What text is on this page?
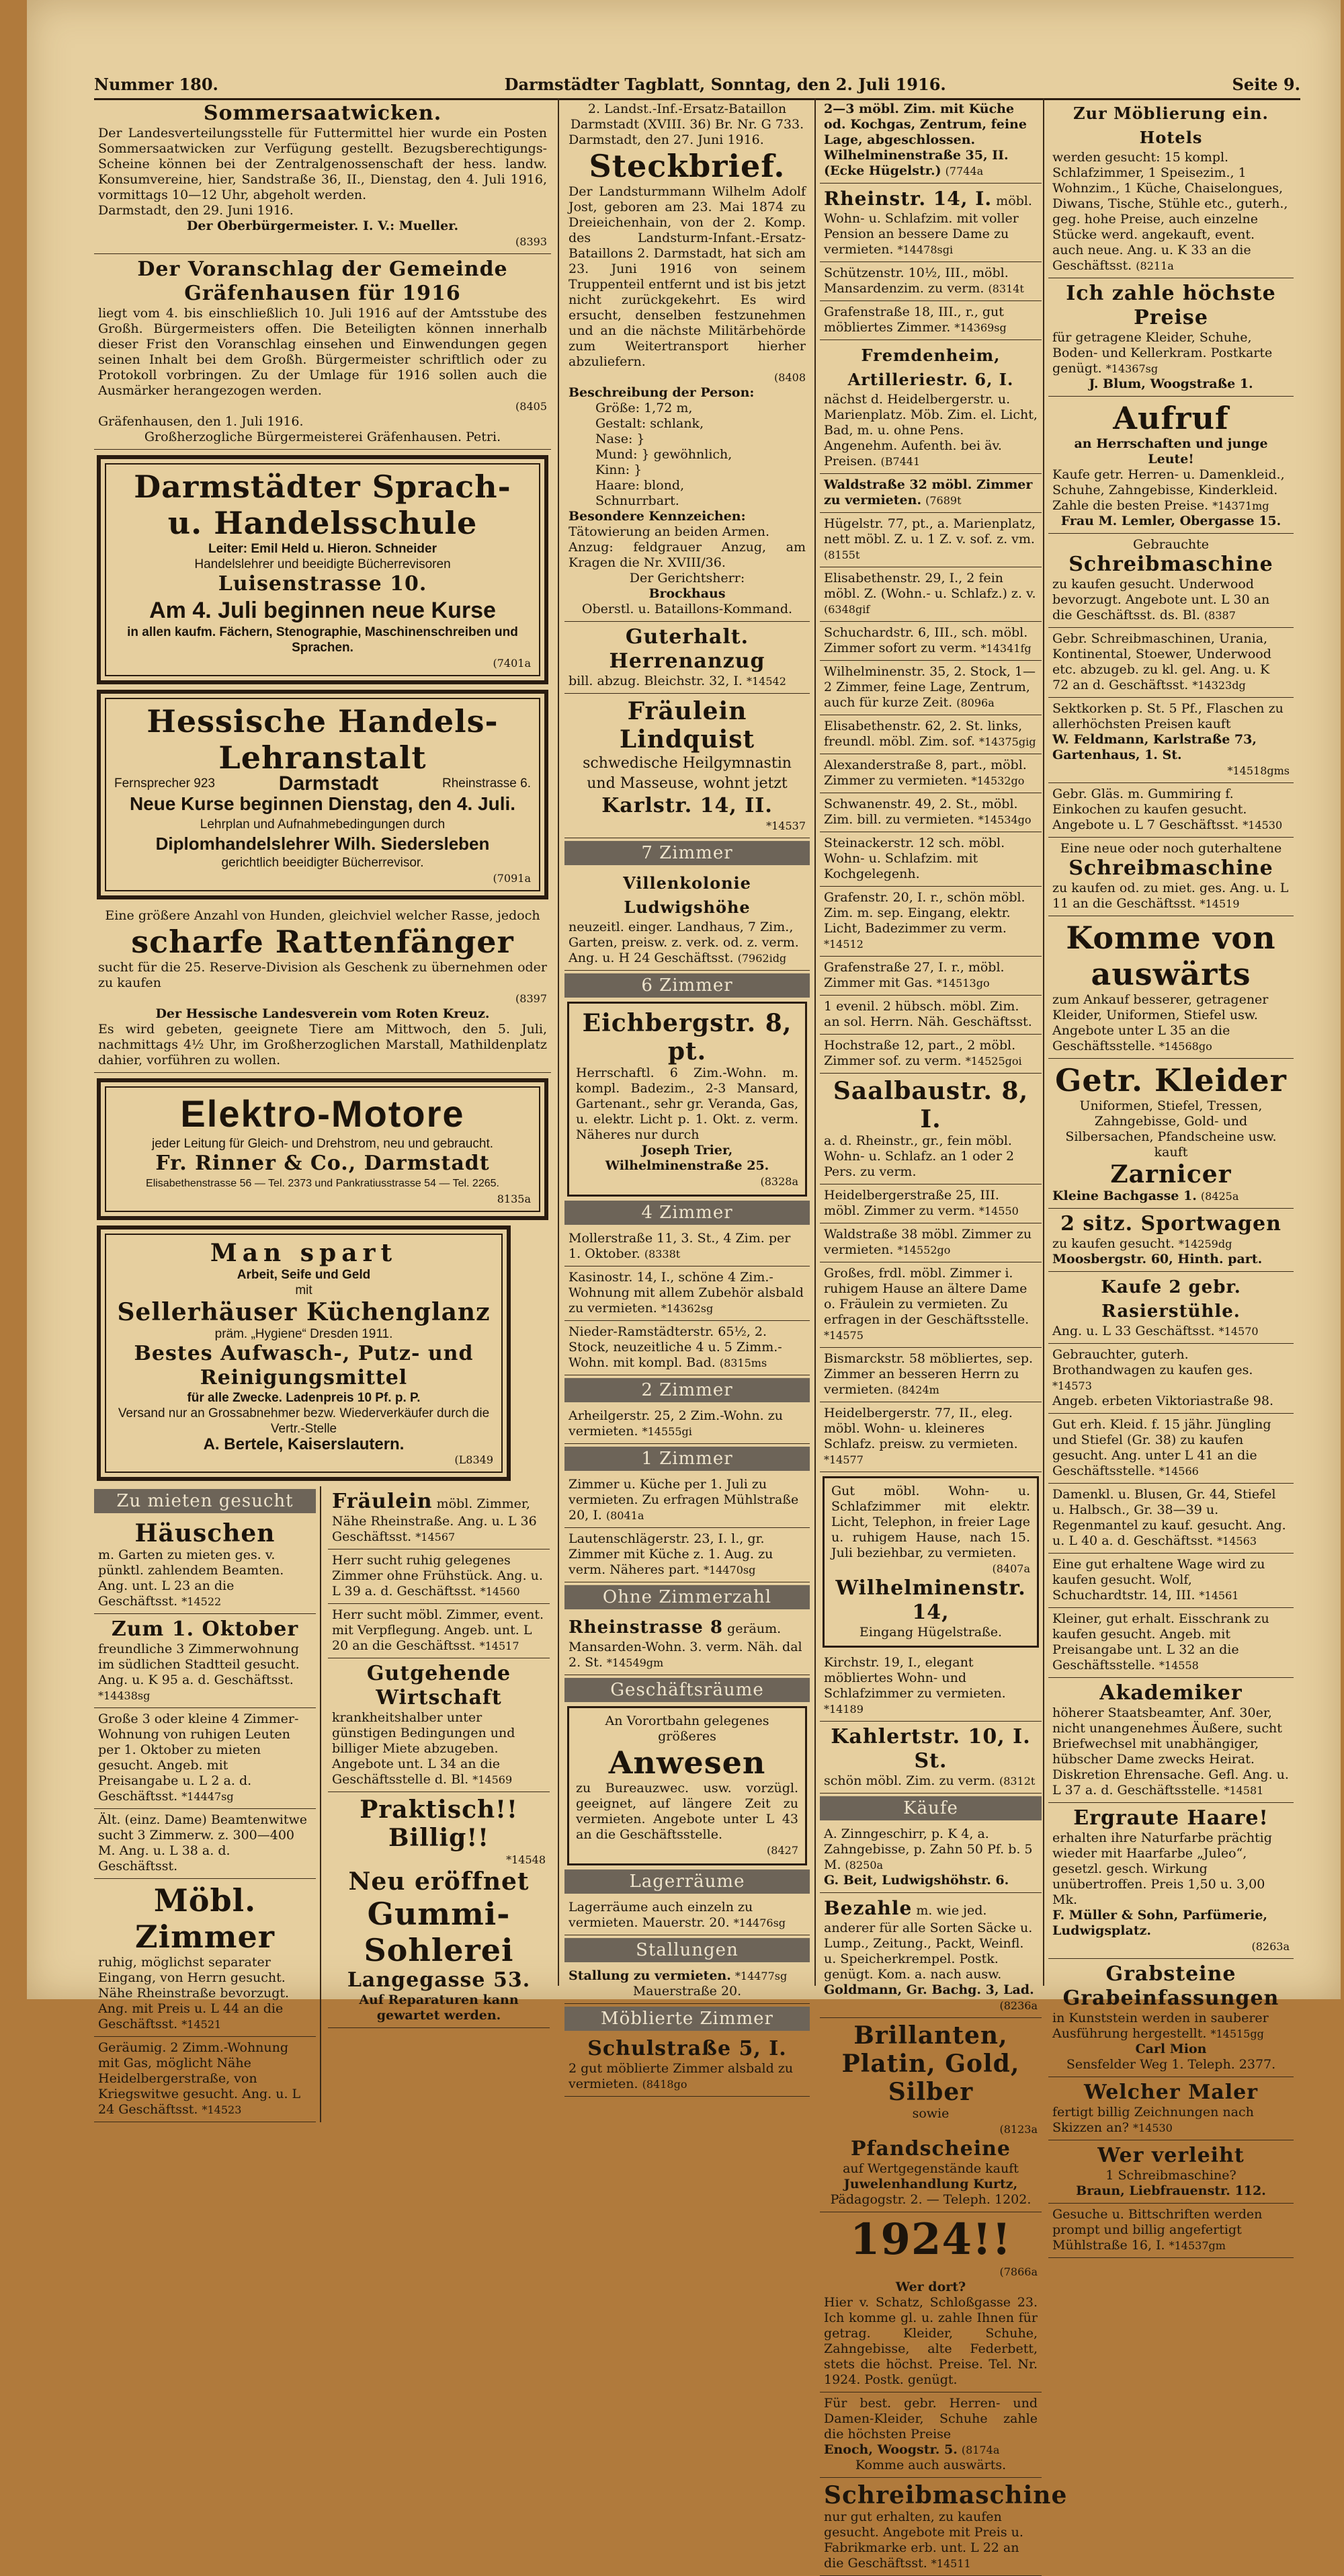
Nummer 180.	Darmstädter Tagblatt, Sonntag, den 2. Juli 1916.	Seite 9.
Sommersaatwicken.
Der Landesverteilungsstelle für Futtermittel hier wurde ein Posten Sommersaatwicken zur Verfügung gestellt. Bezugsberechtigungs-Scheine können bei der Zentralgenossenschaft der hess. landw. Konsumvereine, hier, Sandstraße 36, II., Dienstag, den 4. Juli 1916, vormittags 10—12 Uhr, abgeholt werden.
Darmstadt, den 29. Juni 1916.
Der Oberbürgermeister. I. V.: Mueller.
(8393
Der Voranschlag der Gemeinde Gräfenhausen für 1916
liegt vom 4. bis einschließlich 10. Juli 1916 auf der Amtsstube des Großh. Bürgermeisters offen. Die Beteiligten können innerhalb dieser Frist den Voranschlag einsehen und Einwendungen gegen seinen Inhalt bei dem Großh. Bürgermeister schriftlich oder zu Protokoll vorbringen. Zu der Umlage für 1916 sollen auch die Ausmärker herangezogen werden.
(8405
Gräfenhausen, den 1. Juli 1916.
Großherzogliche Bürgermeisterei Gräfenhausen. Petri.
Darmstädter Sprach- u. Handelsschule
Leiter: Emil Held u. Hieron. Schneider
Handelslehrer und beeidigte Bücherrevisoren
Luisenstrasse 10.
Am 4. Juli beginnen neue Kurse
in allen kaufm. Fächern, Stenographie, Maschinenschreiben und Sprachen.
(7401a
Hessische Handels-Lehranstalt
Fernsprecher 923	Darmstadt	Rheinstrasse 6.
Neue Kurse beginnen Dienstag, den 4. Juli.
Lehrplan und Aufnahmebedingungen durch
Diplomhandelslehrer Wilh. Siedersleben
gerichtlich beeidigter Bücherrevisor.
(7091a
Eine größere Anzahl von Hunden, gleichviel welcher Rasse, jedoch
scharfe Rattenfänger
sucht für die 25. Reserve-Division als Geschenk zu übernehmen oder zu kaufen
(8397
Der Hessische Landesverein vom Roten Kreuz.
Es wird gebeten, geeignete Tiere am Mittwoch, den 5. Juli, nachmittags 4½ Uhr, im Großherzoglichen Marstall, Mathildenplatz dahier, vorführen zu wollen.
Elektro-Motore
jeder Leitung für Gleich- und Drehstrom, neu und gebraucht.
Fr. Rinner & Co., Darmstadt
Elisabethenstrasse 56 — Tel. 2373 und Pankratiusstrasse 54 — Tel. 2265.
8135a
Man spart
Arbeit, Seife und Geld
mit
Sellerhäuser Küchenglanz
präm. „Hygiene“ Dresden 1911.
Bestes Aufwasch-, Putz- und Reinigungsmittel
für alle Zwecke. Ladenpreis 10 Pf. p. P.
Versand nur an Grossabnehmer bezw. Wiederverkäufer durch die Vertr.-Stelle
A. Bertele, Kaiserslautern.
(L8349
Zu mieten gesucht
Häuschen
m. Garten zu mieten ges. v. pünktl. zahlendem Beamten. Ang. unt. L 23 an die Geschäftsst. *14522
Zum 1. Oktober
freundliche 3 Zimmerwohnung im südlichen Stadtteil gesucht. Ang. u. K 95 a. d. Geschäftsst. *14438sg
Große 3 oder kleine 4 Zimmer-Wohnung von ruhigen Leuten per 1. Oktober zu mieten gesucht. Angeb. mit Preisangabe u. L 2 a. d. Geschäftsst. *14447sg
Ält. (einz. Dame) Beamtenwitwe sucht 3 Zimmerw. z. 300—400 M. Ang. u. L 38 a. d. Geschäftsst.
Möbl. Zimmer
ruhig, möglichst separater Eingang, von Herrn gesucht. Nähe Rheinstraße bevorzugt. Ang. mit Preis u. L 44 an die Geschäftsst. *14521
Geräumig. 2 Zimm.-Wohnung mit Gas, möglicht Nähe Heidelbergerstraße, von Kriegswitwe gesucht. Ang. u. L 24 Geschäftsst. *14523
Fräulein möbl. Zimmer, Nähe Rheinstraße. Ang. u. L 36 Geschäftsst. *14567
Herr sucht ruhig gelegenes Zimmer ohne Frühstück. Ang. u. L 39 a. d. Geschäftsst. *14560
Herr sucht möbl. Zimmer, event. mit Verpflegung. Angeb. unt. L 20 an die Geschäftsst. *14517
Gutgehende Wirtschaft
krankheitshalber unter günstigen Bedingungen und billiger Miete abzugeben. Angebote unt. L 34 an die Geschäftsstelle d. Bl. *14569
Praktisch!! Billig!!
*14548
Neu eröffnet
Gummi-Sohlerei
Langegasse 53.
Auf Reparaturen kann gewartet werden.
2. Landst.-Inf.-Ersatz-Bataillon Darmstadt (XVIII. 36) Br. Nr. G 733.
Darmstadt, den 27. Juni 1916.
Steckbrief.
Der Landsturmmann Wilhelm Adolf Jost, geboren am 23. Mai 1874 zu Dreieichenhain, von der 2. Komp. des Landsturm-Infant.-Ersatz-Bataillons 2. Darmstadt, hat sich am 23. Juni 1916 von seinem Truppenteil entfernt und ist bis jetzt nicht zurückgekehrt. Es wird ersucht, denselben festzunehmen und an die nächste Militärbehörde zum Weitertransport hierher abzuliefern.
(8408
Beschreibung der Person:
Größe: 1,72 m,
Gestalt: schlank,
Nase: }
Mund: } gewöhnlich,
Kinn: }
Haare: blond,
Schnurrbart.
Besondere Kennzeichen:
Tätowierung an beiden Armen.
Anzug: feldgrauer Anzug, am Kragen die Nr. XVIII/36.
Der Gerichtsherr:
Brockhaus
Oberstl. u. Bataillons-Kommand.
Guterhalt. Herrenanzug
bill. abzug. Bleichstr. 32, I. *14542
Fräulein Lindquist
schwedische Heilgymnastin und Masseuse, wohnt jetzt
Karlstr. 14, II.
*14537
7 Zimmer
Villenkolonie Ludwigshöhe
neuzeitl. einger. Landhaus, 7 Zim., Garten, preisw. z. verk. od. z. verm. Ang. u. H 24 Geschäftsst. (7962idg
6 Zimmer
Eichbergstr. 8, pt.
Herrschaftl. 6 Zim.-Wohn. m. kompl. Badezim., 2-3 Mansard, Gartenant., sehr gr. Veranda, Gas, u. elektr. Licht p. 1. Okt. z. verm. Näheres nur durch
Joseph Trier, Wilhelminenstraße 25.
(8328a
4 Zimmer
Mollerstraße 11, 3. St., 4 Zim. per 1. Oktober. (8338t
Kasinostr. 14, I., schöne 4 Zim.-Wohnung mit allem Zubehör alsbald zu vermieten. *14362sg
Nieder-Ramstädterstr. 65½, 2. Stock, neuzeitliche 4 u. 5 Zimm.-Wohn. mit kompl. Bad. (8315ms
2 Zimmer
Arheilgerstr. 25, 2 Zim.-Wohn. zu vermieten. *14555gi
1 Zimmer
Zimmer u. Küche per 1. Juli zu vermieten. Zu erfragen Mühlstraße 20, I. (8041a
Lautenschlägerstr. 23, I. l., gr. Zimmer mit Küche z. 1. Aug. zu verm. Näheres part. *14470sg
Ohne Zimmerzahl
Rheinstrasse 8 geräum. Mansarden-Wohn. 3. verm. Näh. dal 2. St. *14549gm
Geschäftsräume
An Vorortbahn gelegenes größeres
Anwesen
zu Bureauzwec. usw. vorzügl. geeignet, auf längere Zeit zu vermieten. Angebote unter L 43 an die Geschäftsstelle.
(8427
Lagerräume
Lagerräume auch einzeln zu vermieten. Mauerstr. 20. *14476sg
Stallungen
Stallung zu vermieten. *14477sg
Mauerstraße 20.
Möblierte Zimmer
Schulstraße 5, I.
2 gut möblierte Zimmer alsbald zu vermieten. (8418go
2—3 möbl. Zim. mit Küche od. Kochgas, Zentrum, feine Lage, abgeschlossen. Wilhelminenstraße 35, II. (Ecke Hügelstr.) (7744a
Rheinstr. 14, I. möbl. Wohn- u. Schlafzim. mit voller Pension an bessere Dame zu vermieten. *14478sgi
Schützenstr. 10½, III., möbl. Mansardenzim. zu verm. (8314t
Grafenstraße 18, III., r., gut möbliertes Zimmer. *14369sg
Fremdenheim, Artilleriestr. 6, I.
nächst d. Heidelbergerstr. u. Marienplatz. Möb. Zim. el. Licht, Bad, m. u. ohne Pens. Angenehm. Aufenth. bei äv. Preisen. (B7441
Waldstraße 32 möbl. Zimmer zu vermieten. (7689t
Hügelstr. 77, pt., a. Marienplatz, nett möbl. Z. u. 1 Z. v. sof. z. vm. (8155t
Elisabethenstr. 29, I., 2 fein möbl. Z. (Wohn.- u. Schlafz.) z. v. (6348gif
Schuchardstr. 6, III., sch. möbl. Zimmer sofort zu verm. *14341fg
Wilhelminenstr. 35, 2. Stock, 1—2 Zimmer, feine Lage, Zentrum, auch für kurze Zeit. (8096a
Elisabethenstr. 62, 2. St. links, freundl. möbl. Zim. sof. *14375gig
Alexanderstraße 8, part., möbl. Zimmer zu vermieten. *14532go
Schwanenstr. 49, 2. St., möbl. Zim. bill. zu vermieten. *14534go
Steinackerstr. 12 sch. möbl. Wohn- u. Schlafzim. mit Kochgelegenh.
Grafenstr. 20, I. r., schön möbl. Zim. m. sep. Eingang, elektr. Licht, Badezimmer zu verm. *14512
Grafenstraße 27, I. r., möbl. Zimmer mit Gas. *14513go
1 evenil. 2 hübsch. möbl. Zim. an sol. Herrn. Näh. Geschäftsst.
Hochstraße 12, part., 2 möbl. Zimmer sof. zu verm. *14525goi
Saalbaustr. 8, I.
a. d. Rheinstr., gr., fein möbl. Wohn- u. Schlafz. an 1 oder 2 Pers. zu verm.
Heidelbergerstraße 25, III. möbl. Zimmer zu verm. *14550
Waldstraße 38 möbl. Zimmer zu vermieten. *14552go
Großes, frdl. möbl. Zimmer i. ruhigem Hause an ältere Dame o. Fräulein zu vermieten. Zu erfragen in der Geschäftsstelle. *14575
Bismarckstr. 58 möbliertes, sep. Zimmer an besseren Herrn zu vermieten. (8424m
Heidelbergerstr. 77, II., eleg. möbl. Wohn- u. kleineres Schlafz. preisw. zu vermieten. *14577
Gut möbl. Wohn- u. Schlafzimmer mit elektr. Licht, Telephon, in freier Lage u. ruhigem Hause, nach 15. Juli beziehbar, zu vermieten.
(8407a
Wilhelminenstr. 14,
Eingang Hügelstraße.
Kirchstr. 19, I., elegant möbliertes Wohn- und Schlafzimmer zu vermieten. *14189
Kahlertstr. 10, I. St.
schön möbl. Zim. zu verm. (8312t
Käufe
A. Zinngeschirr, p. K 4, a. Zahngebisse, p. Zahn 50 Pf. b. 5 M. (8250a
G. Beit, Ludwigshöhstr. 6.
Bezahle m. wie jed. anderer für alle Sorten Säcke u. Lump., Zeitung., Packt, Weinfl. u. Speicherkrempel. Postk. genügt. Kom. a. nach ausw.
Goldmann, Gr. Bachg. 3, Lad.
(8236a
Brillanten, Platin, Gold, Silber
sowie
(8123a
Pfandscheine
auf Wertgegenstände kauft
Juwelenhandlung Kurtz,
Pädagogstr. 2. — Teleph. 1202.
1924!!
(7866a
Wer dort?
Hier v. Schatz, Schloßgasse 23. Ich komme gl. u. zahle Ihnen für getrag. Kleider, Schuhe, Zahngebisse, alte Federbett, stets die höchst. Preise. Tel. Nr. 1924. Postk. genügt.
Für best. gebr. Herren- und Damen-Kleider, Schuhe zahle die höchsten Preise
Enoch, Woogstr. 5. (8174a
Komme auch auswärts.
Schreibmaschine
nur gut erhalten, zu kaufen gesucht. Angebote mit Preis u. Fabrikmarke erb. unt. L 22 an die Geschäftsst. *14511
Zur Möblierung ein. Hotels
werden gesucht: 15 kompl. Schlafzimmer, 1 Speisezim., 1 Wohnzim., 1 Küche, Chaiselongues, Diwans, Tische, Stühle etc., guterh., geg. hohe Preise, auch einzelne Stücke werd. angekauft, event. auch neue. Ang. u. K 33 an die Geschäftsst. (8211a
Ich zahle höchste Preise
für getragene Kleider, Schuhe, Boden- und Kellerkram. Postkarte genügt. *14367sg
J. Blum, Woogstraße 1.
Aufruf
an Herrschaften und junge Leute!
Kaufe getr. Herren- u. Damenkleid., Schuhe, Zahngebisse, Kinderkleid. Zahle die besten Preise. *14371mg
Frau M. Lemler, Obergasse 15.
Gebrauchte
Schreibmaschine
zu kaufen gesucht. Underwood bevorzugt. Angebote unt. L 30 an die Geschäftsst. ds. Bl. (8387
Gebr. Schreibmaschinen, Urania, Kontinental, Stoewer, Underwood etc. abzugeb. zu kl. gel. Ang. u. K 72 an d. Geschäftsst. *14323dg
Sektkorken p. St. 5 Pf., Flaschen zu allerhöchsten Preisen kauft
W. Feldmann, Karlstraße 73, Gartenhaus, 1. St.
*14518gms
Gebr. Gläs. m. Gummiring f. Einkochen zu kaufen gesucht. Angebote u. L 7 Geschäftsst. *14530
Eine neue oder noch guterhaltene
Schreibmaschine
zu kaufen od. zu miet. ges. Ang. u. L 11 an die Geschäftsst. *14519
Komme von auswärts
zum Ankauf besserer, getragener Kleider, Uniformen, Stiefel usw. Angebote unter L 35 an die Geschäftsstelle. *14568go
Getr. Kleider
Uniformen, Stiefel, Tressen, Zahngebisse, Gold- und Silbersachen, Pfandscheine usw. kauft
Zarnicer
Kleine Bachgasse 1. (8425a
2 sitz. Sportwagen
zu kaufen gesucht. *14259dg
Moosbergstr. 60, Hinth. part.
Kaufe 2 gebr. Rasierstühle.
Ang. u. L 33 Geschäftsst. *14570
Gebrauchter, guterh. Brothandwagen zu kaufen ges. *14573
Angeb. erbeten Viktoriastraße 98.
Gut erh. Kleid. f. 15 jähr. Jüngling und Stiefel (Gr. 38) zu kaufen gesucht. Ang. unter L 41 an die Geschäftsstelle. *14566
Damenkl. u. Blusen, Gr. 44, Stiefel u. Halbsch., Gr. 38—39 u. Regenmantel zu kauf. gesucht. Ang. u. L 40 a. d. Geschäftsst. *14563
Eine gut erhaltene Wage wird zu kaufen gesucht. Wolf, Schuchardtstr. 14, III. *14561
Kleiner, gut erhalt. Eisschrank zu kaufen gesucht. Angeb. mit Preisangabe unt. L 32 an die Geschäftsstelle. *14558
Akademiker
höherer Staatsbeamter, Anf. 30er, nicht unangenehmes Äußere, sucht Briefwechsel mit unabhängiger, hübscher Dame zwecks Heirat. Diskretion Ehrensache. Gefl. Ang. u. L 37 a. d. Geschäftsstelle. *14581
Ergraute Haare!
erhalten ihre Naturfarbe prächtig wieder mit Haarfarbe „Juleo“, gesetzl. gesch. Wirkung unübertroffen. Preis 1,50 u. 3,00 Mk.
F. Müller & Sohn, Parfümerie, Ludwigsplatz.
(8263a
Grabsteine Grabeinfassungen
in Kunststein werden in sauberer Ausführung hergestellt. *14515gg
Carl Mion
Sensfelder Weg 1. Teleph. 2377.
Welcher Maler
fertigt billig Zeichnungen nach Skizzen an? *14530
Wer verleiht
1 Schreibmaschine?
Braun, Liebfrauenstr. 112.
Gesuche u. Bittschriften werden prompt und billig angefertigt Mühlstraße 16, I. *14537gm
